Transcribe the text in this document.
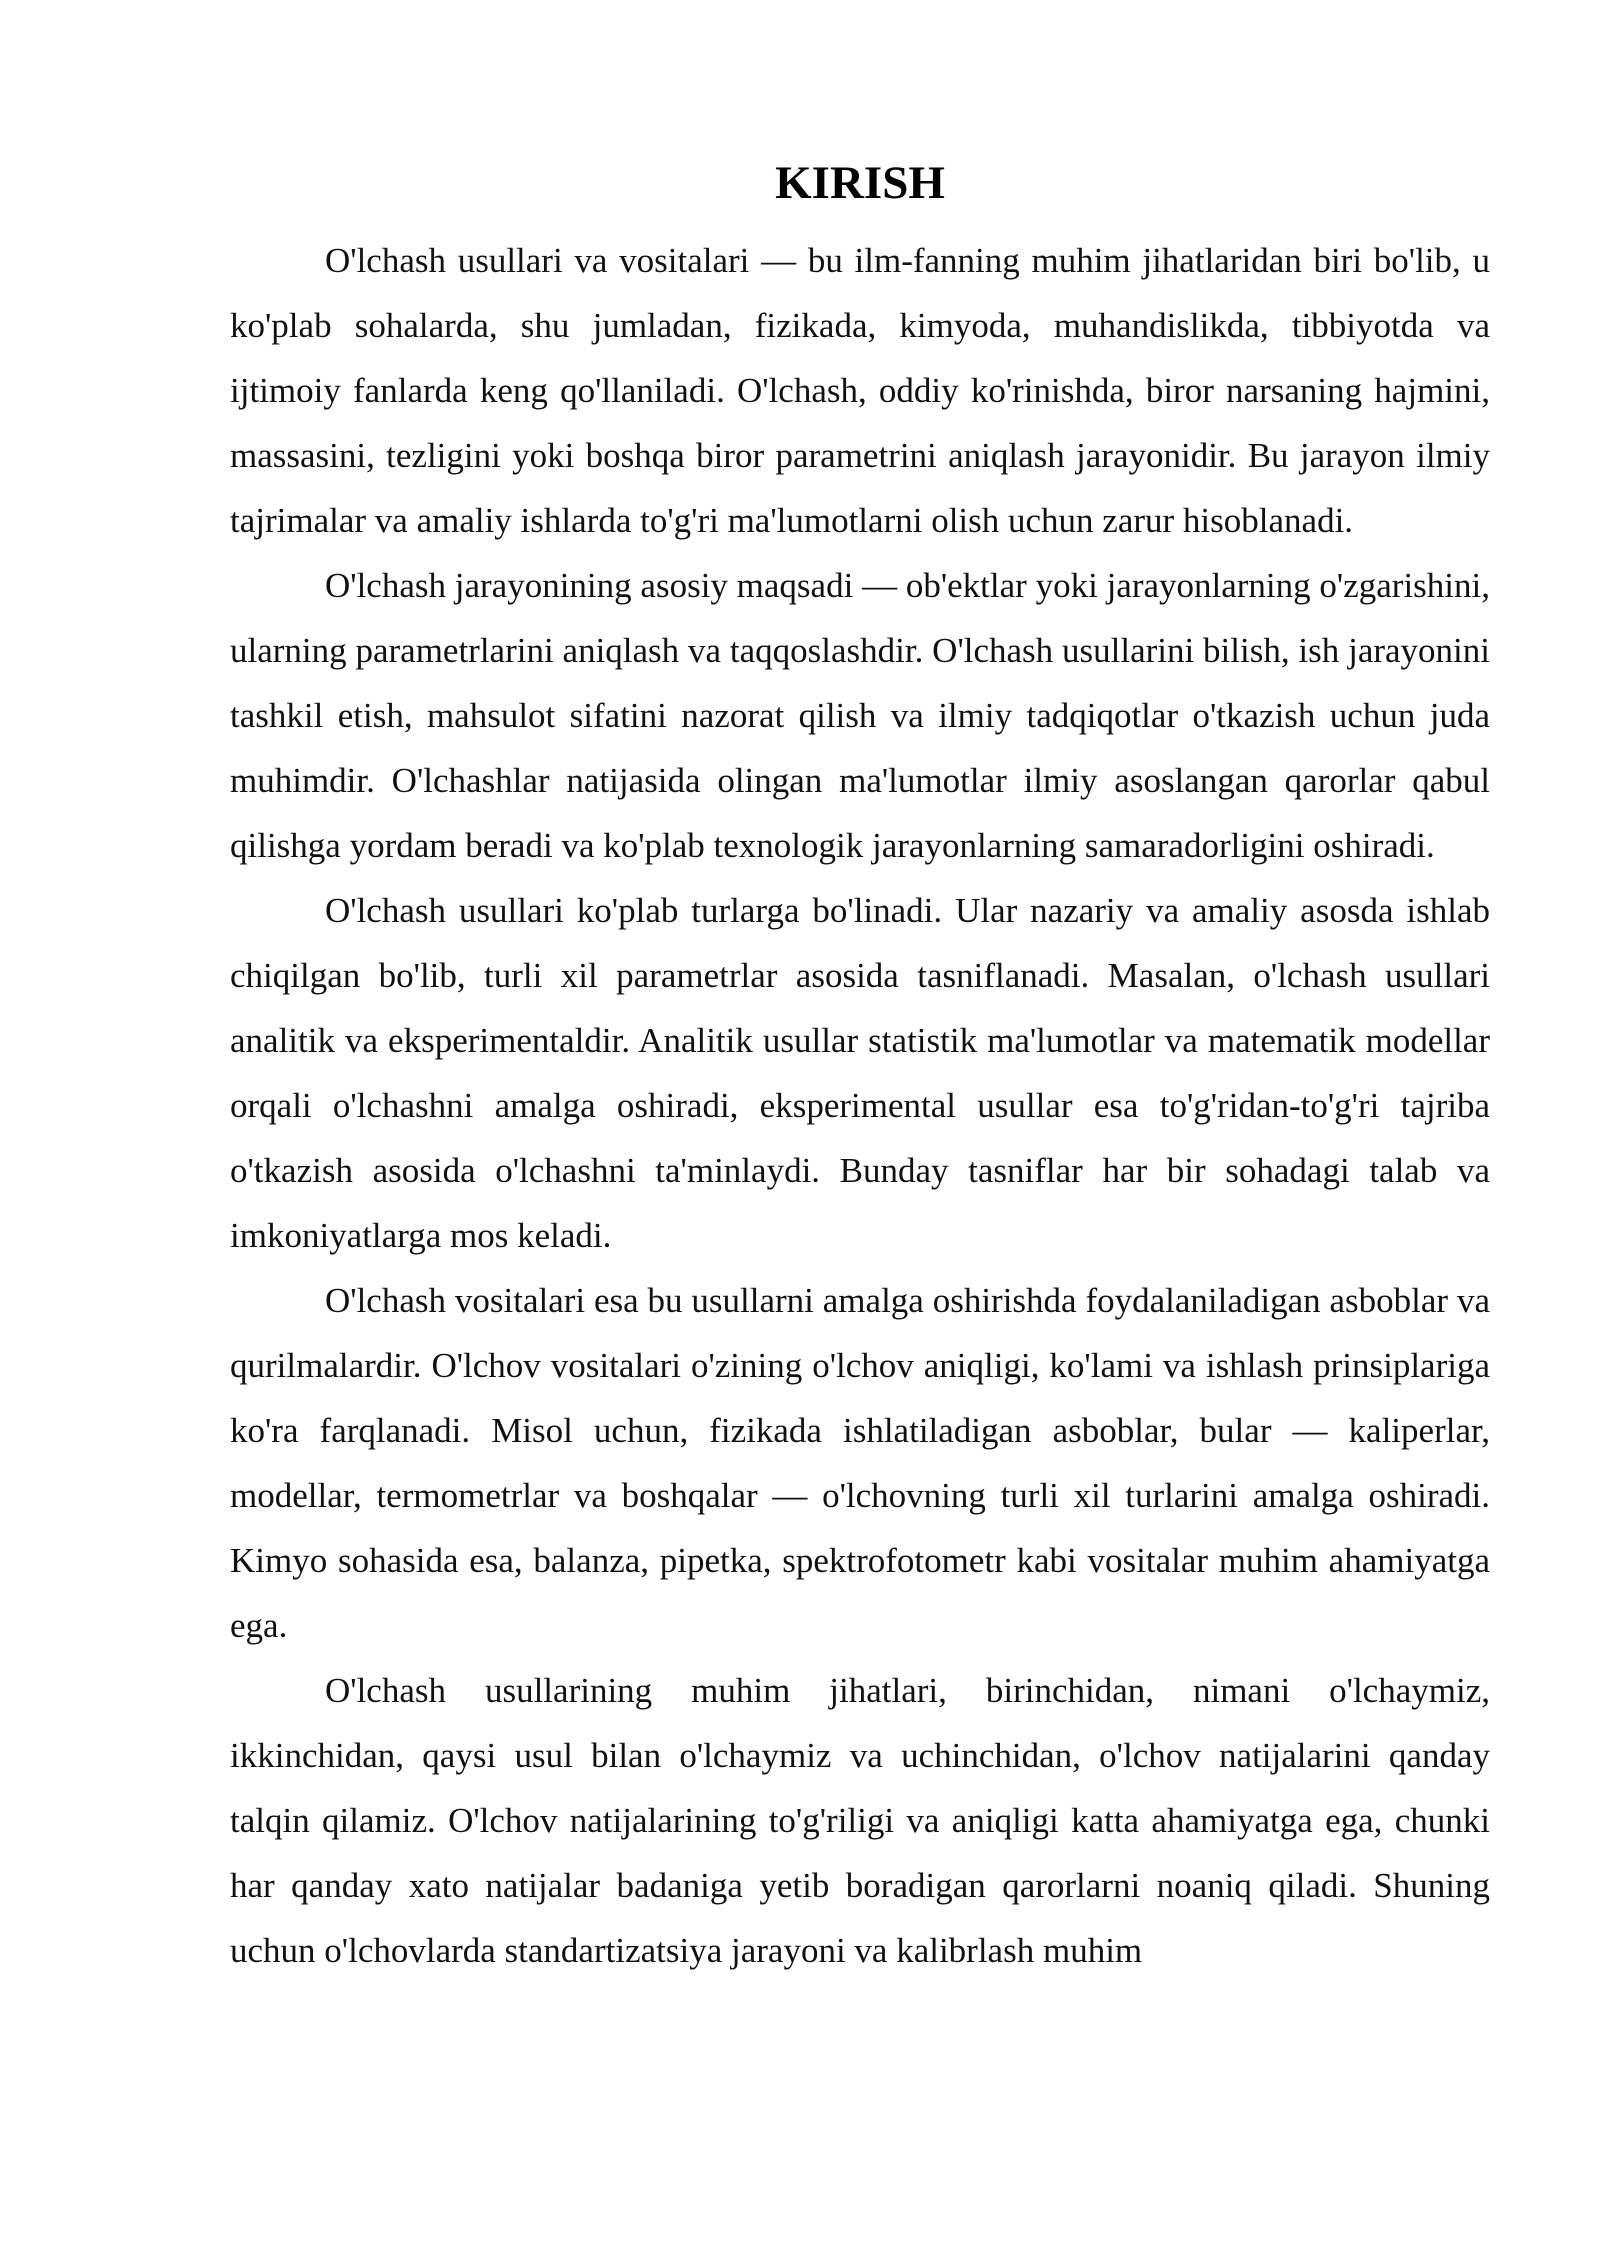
KIRISH

O'lchash usullari va vositalari — bu ilm-fanning muhim jihatlaridan biri bo'lib, u ko'plab sohalarda, shu jumladan, fizikada, kimyoda, muhandislikda, tibbiyotda va ijtimoiy fanlarda keng qo'llaniladi. O'lchash, oddiy ko'rinishda, biror narsaning hajmini, massasini, tezligini yoki boshqa biror parametrini aniqlash jarayonidir. Bu jarayon ilmiy tajrimalar va amaliy ishlarda to'g'ri ma'lumotlarni olish uchun zarur hisoblanadi.

O'lchash jarayonining asosiy maqsadi — ob'ektlar yoki jarayonlarning o'zgarishini, ularning parametrlarini aniqlash va taqqoslashdir. O'lchash usullarini bilish, ish jarayonini tashkil etish, mahsulot sifatini nazorat qilish va ilmiy tadqiqotlar o'tkazish uchun juda muhimdir. O'lchashlar natijasida olingan ma'lumotlar ilmiy asoslangan qarorlar qabul qilishga yordam beradi va ko'plab texnologik jarayonlarning samaradorligini oshiradi.

O'lchash usullari ko'plab turlarga bo'linadi. Ular nazariy va amaliy asosda ishlab chiqilgan bo'lib, turli xil parametrlar asosida tasniflanadi. Masalan, o'lchash usullari analitik va eksperimentaldir. Analitik usullar statistik ma'lumotlar va matematik modellar orqali o'lchashni amalga oshiradi, eksperimental usullar esa to'g'ridan-to'g'ri tajriba o'tkazish asosida o'lchashni ta'minlaydi. Bunday tasniflar har bir sohadagi talab va imkoniyatlarga mos keladi.

O'lchash vositalari esa bu usullarni amalga oshirishda foydalaniladigan asboblar va qurilmalardir. O'lchov vositalari o'zining o'lchov aniqligi, ko'lami va ishlash prinsiplariga ko'ra farqlanadi. Misol uchun, fizikada ishlatiladigan asboblar, bular — kaliperlar, modellar, termometrlar va boshqalar — o'lchovning turli xil turlarini amalga oshiradi. Kimyo sohasida esa, balanza, pipetka, spektrofotometr kabi vositalar muhim ahamiyatga ega.

O'lchash usullarining muhim jihatlari, birinchidan, nimani o'lchaymiz, ikkinchidan, qaysi usul bilan o'lchaymiz va uchinchidan, o'lchov natijalarini qanday talqin qilamiz. O'lchov natijalarining to'g'riligi va aniqligi katta ahamiyatga ega, chunki har qanday xato natijalar badaniga yetib boradigan qarorlarni noaniq qiladi. Shuning uchun o'lchovlarda standartizatsiya jarayoni va kalibrlash muhim
